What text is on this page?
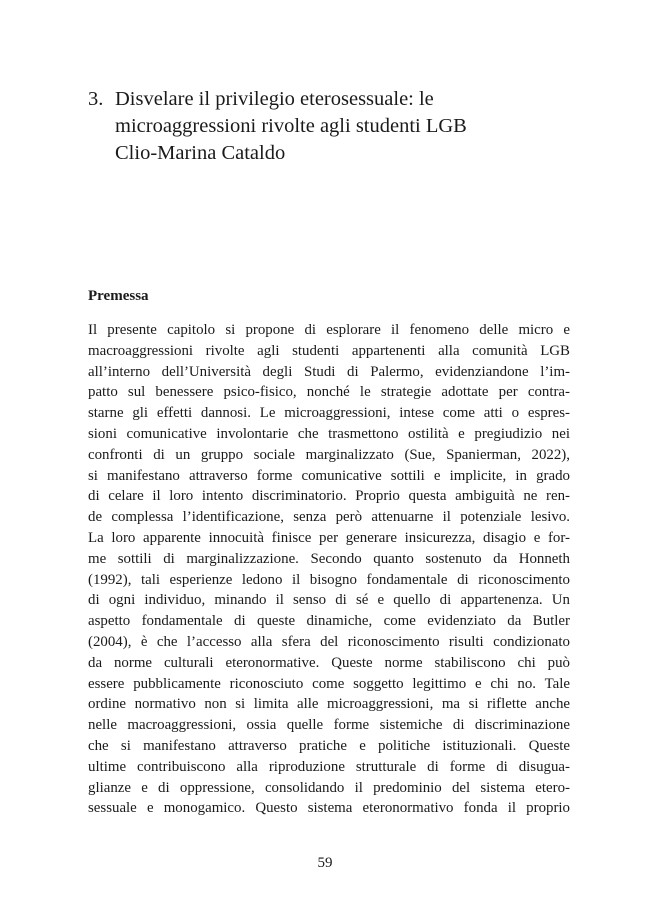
3. Disvelare il privilegio eterosessuale: le
microaggressioni rivolte agli studenti LGB
Clio-Marina Cataldo
Premessa
Il presente capitolo si propone di esplorare il fenomeno delle micro e
macroaggressioni rivolte agli studenti appartenenti alla comunità LGB
all’interno dell’Università degli Studi di Palermo, evidenziandone l’im-
patto sul benessere psico-fisico, nonché le strategie adottate per contra-
starne gli effetti dannosi. Le microaggressioni, intese come atti o espres-
sioni comunicative involontarie che trasmettono ostilità e pregiudizio nei
confronti di un gruppo sociale marginalizzato (Sue, Spanierman, 2022),
si manifestano attraverso forme comunicative sottili e implicite, in grado
di celare il loro intento discriminatorio. Proprio questa ambiguità ne ren-
de complessa l’identificazione, senza però attenuarne il potenziale lesivo.
La loro apparente innocuità finisce per generare insicurezza, disagio e for-
me sottili di marginalizzazione. Secondo quanto sostenuto da Honneth
(1992), tali esperienze ledono il bisogno fondamentale di riconoscimento
di ogni individuo, minando il senso di sé e quello di appartenenza. Un
aspetto fondamentale di queste dinamiche, come evidenziato da Butler
(2004), è che l’accesso alla sfera del riconoscimento risulti condizionato
da norme culturali eteronormative. Queste norme stabiliscono chi può
essere pubblicamente riconosciuto come soggetto legittimo e chi no. Tale
ordine normativo non si limita alle microaggressioni, ma si riflette anche
nelle macroaggressioni, ossia quelle forme sistemiche di discriminazione
che si manifestano attraverso pratiche e politiche istituzionali. Queste
ultime contribuiscono alla riproduzione strutturale di forme di disugua-
glianze e di oppressione, consolidando il predominio del sistema etero-
sessuale e monogamico. Questo sistema eteronormativo fonda il proprio
59
